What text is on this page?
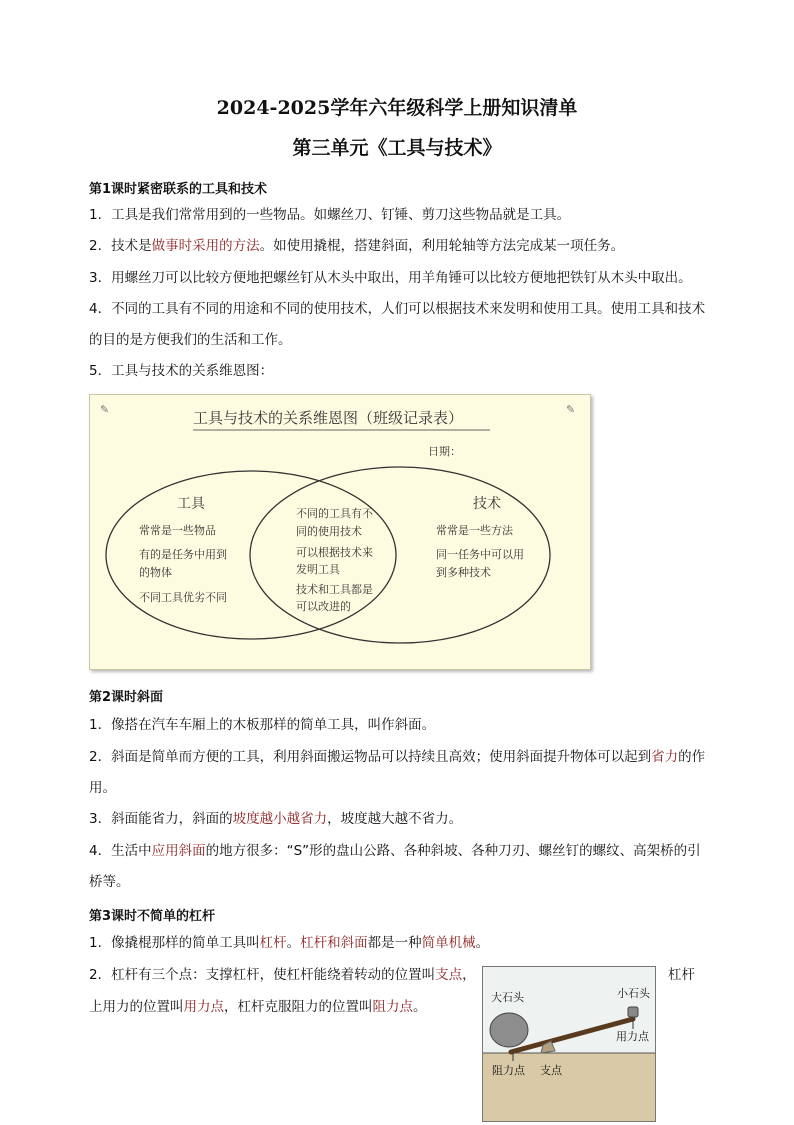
2024-2025学年六年级科学上册知识清单
第三单元《工具与技术》
第1课时紧密联系的工具和技术
1．工具是我们常常用到的一些物品。如螺丝刀、钉锤、剪刀这些物品就是工具。
2．技术是做事时采用的方法。如使用撬棍，搭建斜面，利用轮轴等方法完成某一项任务。
3．用螺丝刀可以比较方便地把螺丝钉从木头中取出，用羊角锤可以比较方便地把铁钉从木头中取出。
4．不同的工具有不同的用途和不同的使用技术，人们可以根据技术来发明和使用工具。使用工具和技术的目的是方便我们的生活和工作。
5．工具与技术的关系维恩图：
✎	✎
工具与技术的关系维恩图（班级记录表）
日期：
工具
常常是一些物品
有的是任务中用到
的物体
不同工具优劣不同
不同的工具有不
同的使用技术
可以根据技术来
发明工具
技术和工具都是
可以改进的
技术
常常是一些方法
同一任务中可以用
到多种技术
第2课时斜面
1．像搭在汽车车厢上的木板那样的简单工具，叫作斜面。
2．斜面是简单而方便的工具，利用斜面搬运物品可以持续且高效；使用斜面提升物体可以起到省力的作用。
3．斜面能省力，斜面的坡度越小越省力，坡度越大越不省力。
4．生活中应用斜面的地方很多：“S”形的盘山公路、各种斜坡、各种刀刃、螺丝钉的螺纹、高架桥的引桥等。
第3课时不简单的杠杆
1．像撬棍那样的简单工具叫杠杆。杠杆和斜面都是一种简单机械。
2．杠杆有三个点：支撑杠杆，使杠杆能绕着转动的位置叫支点，	杠杆
上用力的位置叫用力点，杠杆克服阻力的位置叫阻力点。
大石头	小石头
用力点
阻力点 支点
